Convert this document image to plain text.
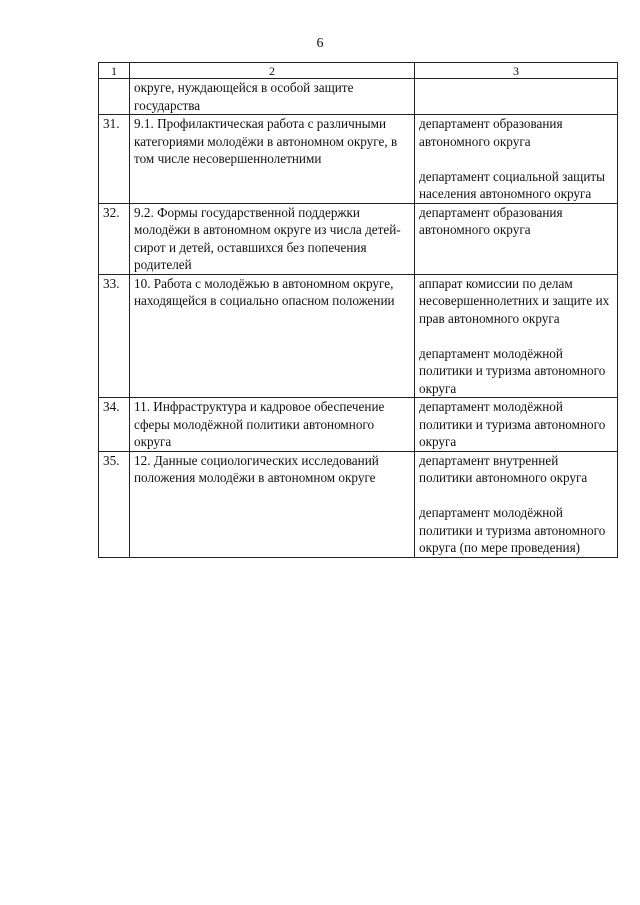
6
1	2	3
	округе, нуждающейся в особой защите государства	
31.	9.1. Профилактическая работа с различными категориями молодёжи в автономном округе, в том числе несовершеннолетними	департамент образования автономного округа
департамент социальной защиты населения автономного округа

32.	9.2. Формы государственной поддержки молодёжи в автономном округе из числа детей-сирот и детей, оставшихся без попечения родителей	департамент образования автономного округа

33.	10. Работа с молодёжью в автономном округе, находящейся в социально опасном положении	аппарат комиссии по делам несовершеннолетних и защите их прав автономного округа
департамент молодёжной политики и туризма автономного округа

34.	11. Инфраструктура и кадровое обеспечение сферы молодёжной политики автономного округа	департамент молодёжной политики и туризма автономного округа

35.	12. Данные социологических исследований положения молодёжи в автономном округе	департамент внутренней политики автономного округа
департамент молодёжной политики и туризма автономного округа (по мере проведения)
